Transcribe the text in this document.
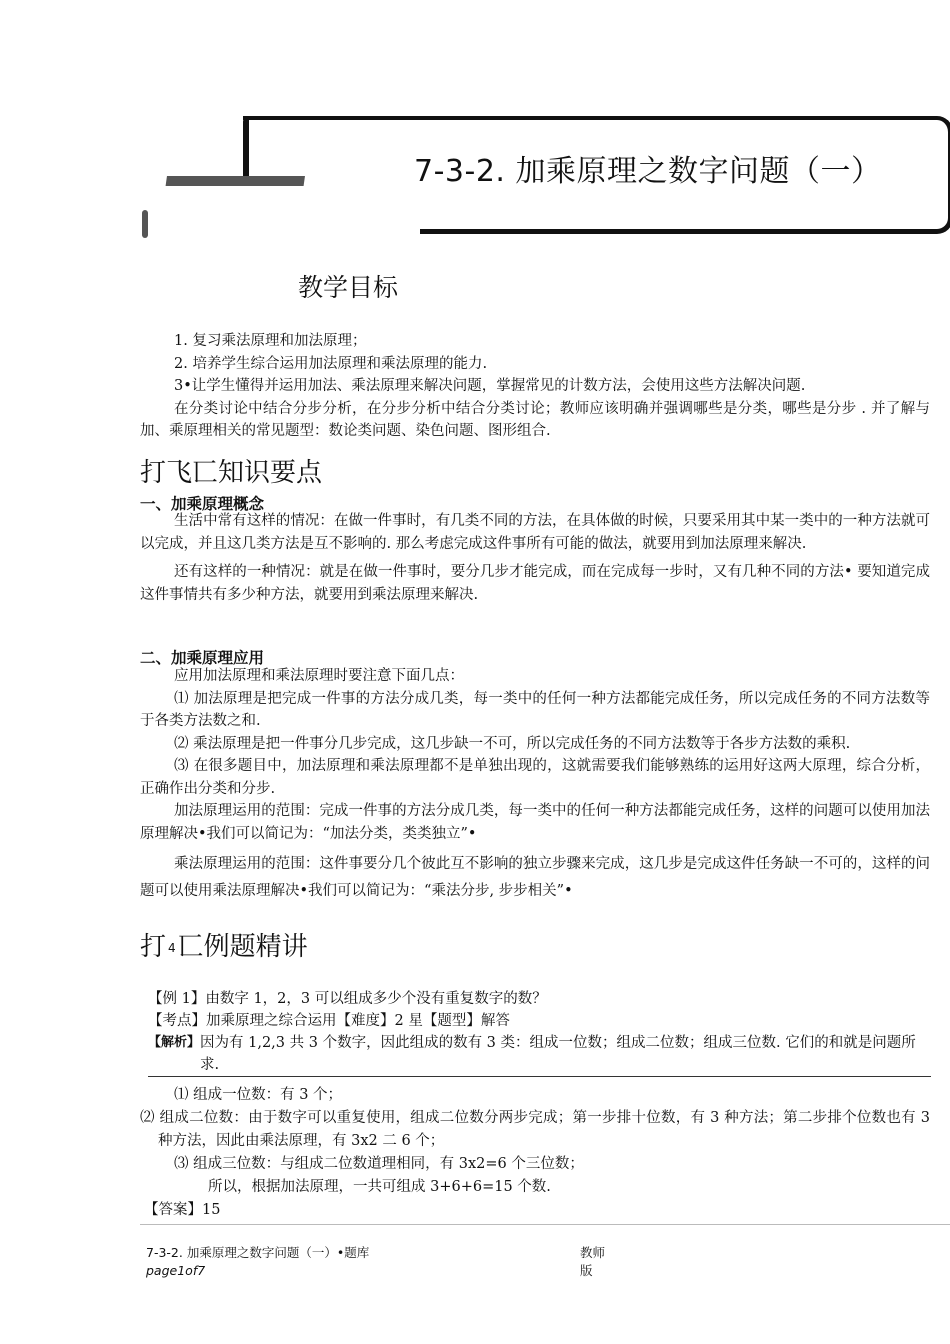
7-3-2. 加乘原理之数字问题（一）
教学目标

1. 复习乘法原理和加法原理；

2. 培养学生综合运用加法原理和乘法原理的能力.

3•让学生懂得并运用加法、乘法原理来解决问题，掌握常见的计数方法，会使用这些方法解决问题.

在分类讨论中结合分步分析，在分步分析中结合分类讨论；教师应该明确并强调哪些是分类，哪些是分步 . 并了解与加、乘原理相关的常见题型：数论类问题、染色问题、图形组合.

打飞匸知识要点
一、加乘原理概念

生活中常有这样的情况：在做一件事时，有几类不同的方法，在具体做的时候，只要采用其中某一类中的一种方法就可以完成，并且这几类方法是互不影响的. 那么考虑完成这件事所有可能的做法，就要用到加法原理来解决.

还有这样的一种情况：就是在做一件事时，要分几步才能完成，而在完成每一步时，又有几种不同的方法• 要知道完成这件事情共有多少种方法，就要用到乘法原理来解决.

二、加乘原理应用

应用加法原理和乘法原理时要注意下面几点：

⑴ 加法原理是把完成一件事的方法分成几类，每一类中的任何一种方法都能完成任务，所以完成任务的不同方法数等于各类方法数之和.

⑵ 乘法原理是把一件事分几步完成，这几步缺一不可，所以完成任务的不同方法数等于各步方法数的乘积.

⑶ 在很多题目中，加法原理和乘法原理都不是单独出现的，这就需要我们能够熟练的运用好这两大原理，综合分析，正确作出分类和分步.

加法原理运用的范围：完成一件事的方法分成几类，每一类中的任何一种方法都能完成任务，这样的问题可以使用加法原理解决•我们可以简记为：“加法分类，类类独立”•

乘法原理运用的范围：这件事要分几个彼此互不影响的独立步骤来完成，这几步是完成这件任务缺一不可的，这样的问题可以使用乘法原理解决•我们可以简记为：“乘法分步, 步步相关”•

打 4匸例题精讲

【例 1】由数字 1，2，3 可以组成多少个没有重复数字的数？

【考点】加乘原理之综合运用【难度】2 星【题型】解答

【解析】 因为有 1,2,3 共 3 个数字，因此组成的数有 3 类：组成一位数；组成二位数；组成三位数. 它们的和就是问题所求.

⑴ 组成一位数：有 3 个；

⑵ 组成二位数：由于数字可以重复使用，组成二位数分两步完成；第一步排十位数，有 3 种方法；第二步排个位数也有 3 种方法，因此由乘法原理，有 3x2 二 6 个；

⑶ 组成三位数：与组成二位数道理相同，有 3x2=6 个三位数；

所以，根据加法原理，一共可组成 3+6+6=15 个数.

【答案】15

7-3-2. 加乘原理之数字问题（一）•题库
page1of7
教师
版
